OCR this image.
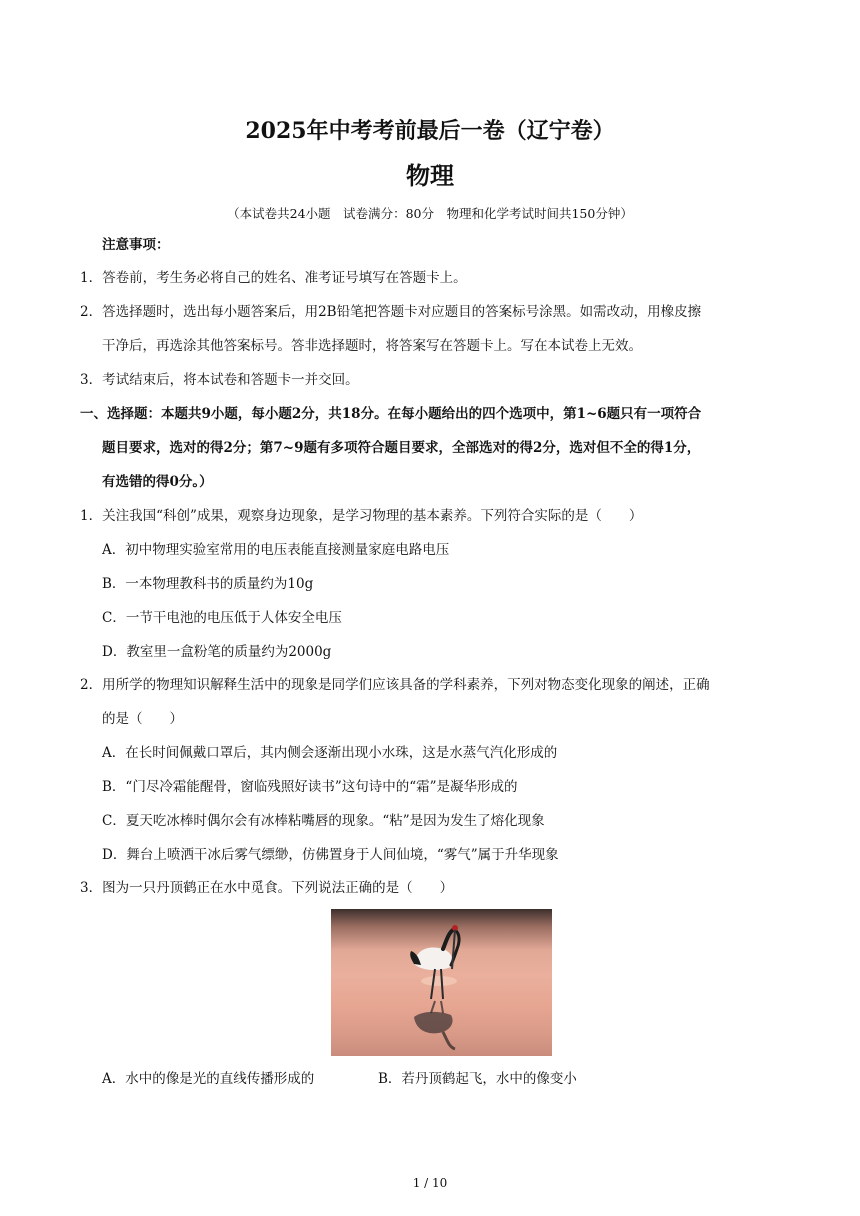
2025年中考考前最后一卷（辽宁卷）
物理
（本试卷共24小题　试卷满分：80分　物理和化学考试时间共150分钟）
注意事项：
1．答卷前，考生务必将自己的姓名、准考证号填写在答题卡上。
2．答选择题时，选出每小题答案后，用2B铅笔把答题卡对应题目的答案标号涂黑。如需改动，用橡皮擦
干净后，再选涂其他答案标号。答非选择题时，将答案写在答题卡上。写在本试卷上无效。
3．考试结束后，将本试卷和答题卡一并交回。
一、选择题：本题共9小题，每小题2分，共18分。在每小题给出的四个选项中，第1~6题只有一项符合
题目要求，选对的得2分；第7~9题有多项符合题目要求，全部选对的得2分，选对但不全的得1分，
有选错的得0分。）
1．关注我国“科创”成果，观察身边现象，是学习物理的基本素养。下列符合实际的是（　　）
A．初中物理实验室常用的电压表能直接测量家庭电路电压
B．一本物理教科书的质量约为10g
C．一节干电池的电压低于人体安全电压
D．教室里一盒粉笔的质量约为2000g
2．用所学的物理知识解释生活中的现象是同学们应该具备的学科素养，下列对物态变化现象的阐述，正确
的是（　　）
A．在长时间佩戴口罩后，其内侧会逐渐出现小水珠，这是水蒸气汽化形成的
B．“门尽冷霜能醒骨，窗临残照好读书”这句诗中的“霜”是凝华形成的
C．夏天吃冰棒时偶尔会有冰棒粘嘴唇的现象。“粘”是因为发生了熔化现象
D．舞台上喷洒干冰后雾气缥缈，仿佛置身于人间仙境，“雾气”属于升华现象
3．图为一只丹顶鹤正在水中觅食。下列说法正确的是（　　）
A．水中的像是光的直线传播形成的	B．若丹顶鹤起飞，水中的像变小
1 / 10
